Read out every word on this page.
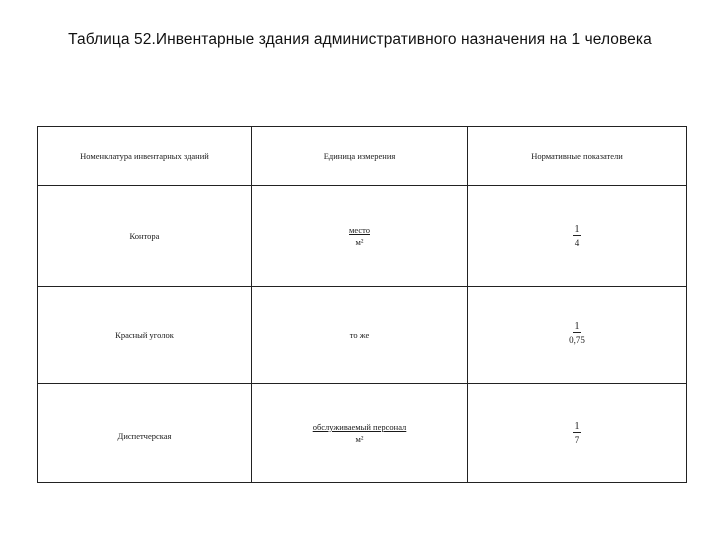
Таблица 52.Инвентарные здания административного назначения на 1 человека
Номенклатура инвентарных зданий	Единица измерения	Нормативные показатели
Контора	$\frac{\text{место}}{\text{м²}}$	$\frac{1}{4}$

Красный уголок	то же	$\frac{1}{0,75}$

Диспетчерская	$\frac{\text{обслуживаемый персонал}}{\text{м²}}$	$\frac{1}{7}$
